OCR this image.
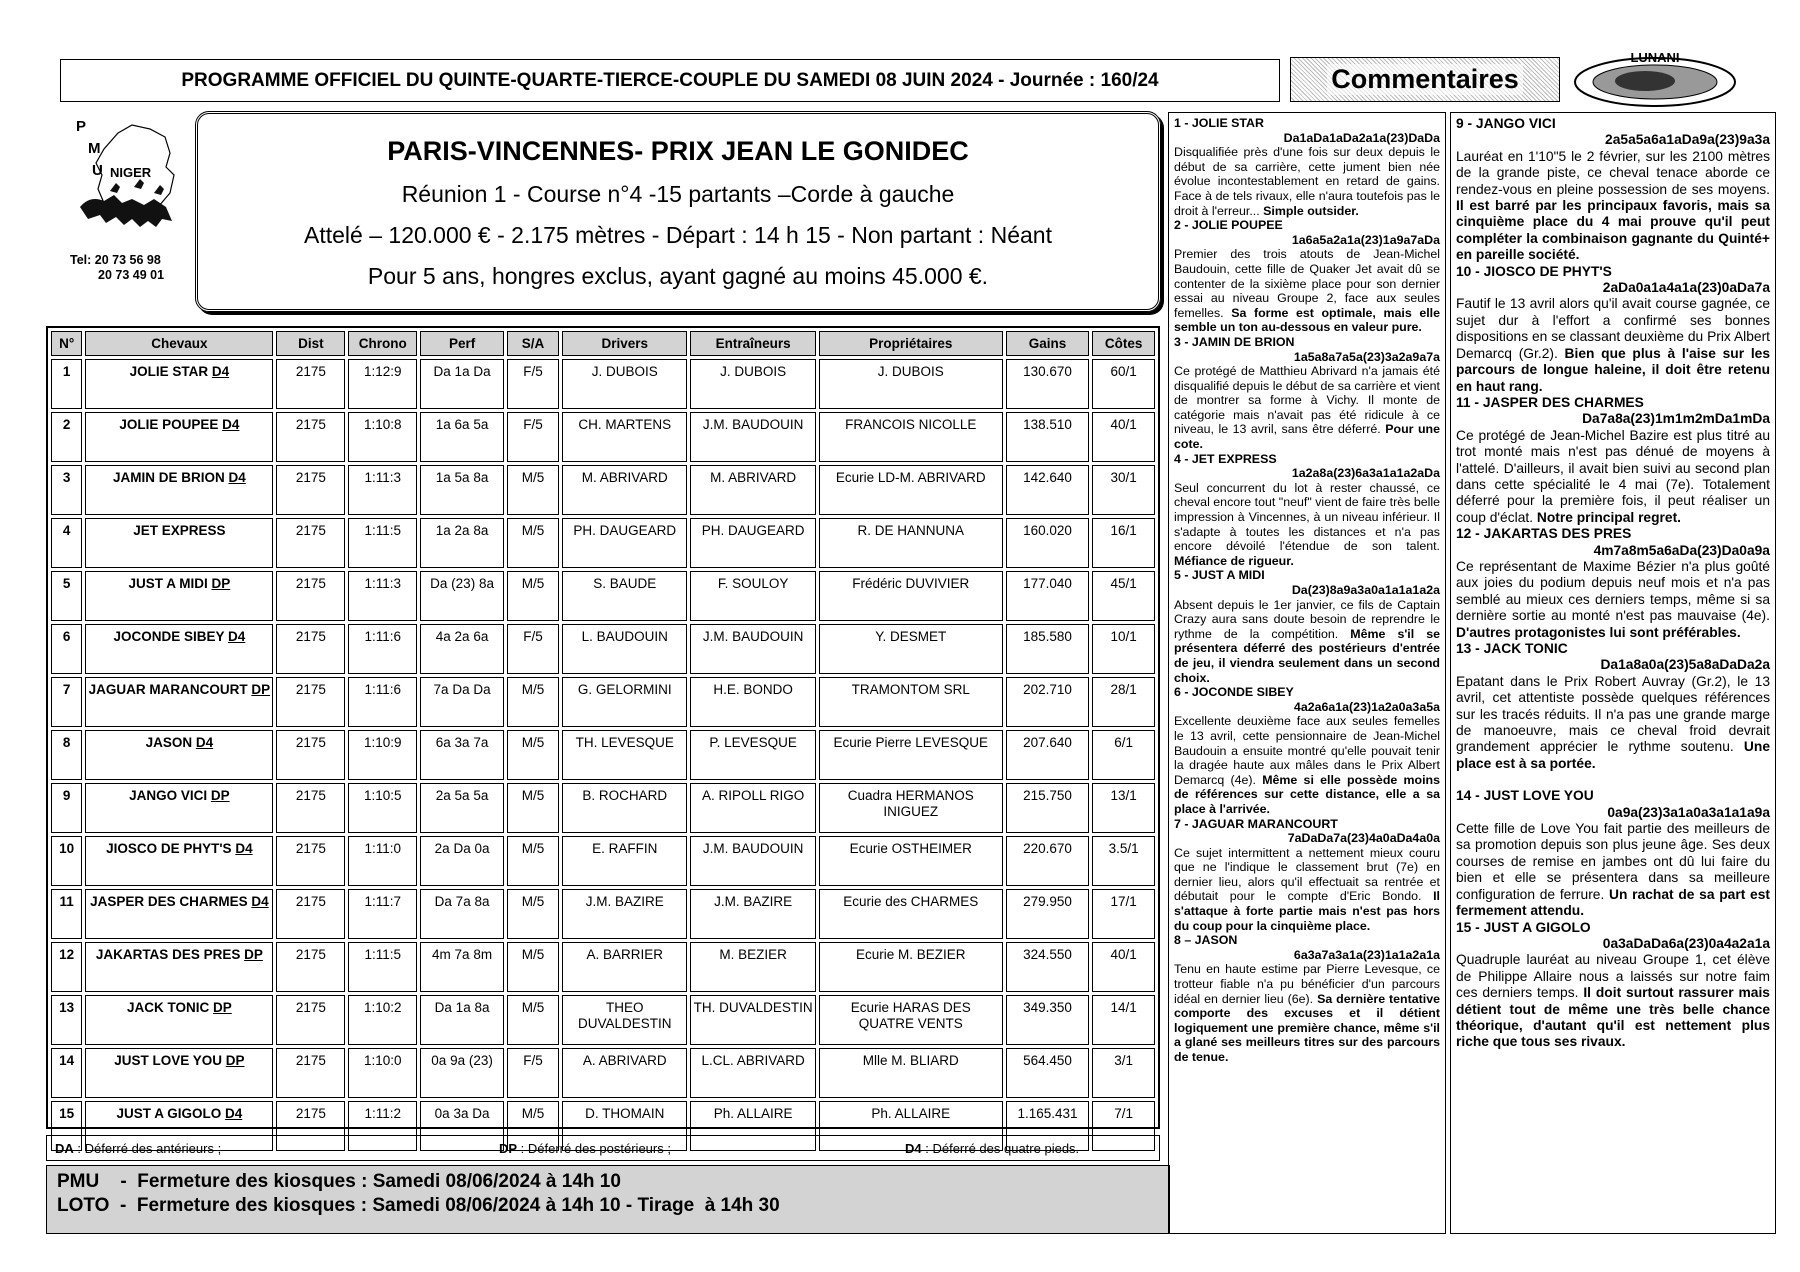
PROGRAMME OFFICIEL DU QUINTE-QUARTE-TIERCE-COUPLE DU SAMEDI 08 JUIN 2024 - Journée : 160/24	Commentaires
LUNANI
P
M
U NIGER
Tel: 20 73 56 98
20 73 49 01
PARIS-VINCENNES- PRIX JEAN LE GONIDEC
Réunion 1 - Course n°4 -15 partants –Corde à gauche
Attelé – 120.000 € - 2.175 mètres - Départ : 14 h 15 - Non partant : Néant
Pour 5 ans, hongres exclus, ayant gagné au moins 45.000 €.
N°	Chevaux	Dist	Chrono	Perf	S/A	Drivers	Entraîneurs	Propriétaires	Gains	Côtes
1	JOLIE STAR D4	2175	1:12:9	Da 1a Da	F/5	J. DUBOIS	J. DUBOIS	J. DUBOIS	130.670	60/1
2	JOLIE POUPEE D4	2175	1:10:8	1a 6a 5a	F/5	CH. MARTENS	J.M. BAUDOUIN	FRANCOIS NICOLLE	138.510	40/1
3	JAMIN DE BRION D4	2175	1:11:3	1a 5a 8a	M/5	M. ABRIVARD	M. ABRIVARD	Ecurie LD-M. ABRIVARD	142.640	30/1
4	JET EXPRESS	2175	1:11:5	1a 2a 8a	M/5	PH. DAUGEARD	PH. DAUGEARD	R. DE HANNUNA	160.020	16/1
5	JUST A MIDI DP	2175	1:11:3	Da (23) 8a	M/5	S. BAUDE	F. SOULOY	Frédéric DUVIVIER	177.040	45/1
6	JOCONDE SIBEY D4	2175	1:11:6	4a 2a 6a	F/5	L. BAUDOUIN	J.M. BAUDOUIN	Y. DESMET	185.580	10/1
7	JAGUAR MARANCOURT DP	2175	1:11:6	7a Da Da	M/5	G. GELORMINI	H.E. BONDO	TRAMONTOM SRL	202.710	28/1
8	JASON D4	2175	1:10:9	6a 3a 7a	M/5	TH. LEVESQUE	P. LEVESQUE	Ecurie Pierre LEVESQUE	207.640	6/1
9	JANGO VICI DP	2175	1:10:5	2a 5a 5a	M/5	B. ROCHARD	A. RIPOLL RIGO	Cuadra HERMANOS INIGUEZ	215.750	13/1
10	JIOSCO DE PHYT'S D4	2175	1:11:0	2a Da 0a	M/5	E. RAFFIN	J.M. BAUDOUIN	Ecurie OSTHEIMER	220.670	3.5/1
11	JASPER DES CHARMES D4	2175	1:11:7	Da 7a 8a	M/5	J.M. BAZIRE	J.M. BAZIRE	Ecurie des CHARMES	279.950	17/1
12	JAKARTAS DES PRES DP	2175	1:11:5	4m 7a 8m	M/5	A. BARRIER	M. BEZIER	Ecurie M. BEZIER	324.550	40/1
13	JACK TONIC DP	2175	1:10:2	Da 1a 8a	M/5	THEO DUVALDESTIN	TH. DUVALDESTIN	Ecurie HARAS DES QUATRE VENTS	349.350	14/1
14	JUST LOVE YOU DP	2175	1:10:0	0a 9a (23)	F/5	A. ABRIVARD	L.CL. ABRIVARD	Mlle M. BLIARD	564.450	3/1
15	JUST A GIGOLO D4	2175	1:11:2	0a 3a Da	M/5	D. THOMAIN	Ph. ALLAIRE	Ph. ALLAIRE	1.165.431	7/1
DA : Déferré des antérieurs ;	DP : Déferré des postérieurs ;	D4 : Déferré des quatre pieds.
PMU    -  Fermeture des kiosques : Samedi 08/06/2024 à 14h 10
LOTO  -  Fermeture des kiosques : Samedi 08/06/2024 à 14h 10 - Tirage  à 14h 30
1 - JOLIE STAR
Da1aDa1aDa2a1a(23)DaDa
Disqualifiée près d'une fois sur deux depuis le début de sa carrière, cette jument bien née évolue incontestablement en retard de gains. Face à de tels rivaux, elle n'aura toutefois pas le droit à l'erreur... Simple outsider.
2 - JOLIE POUPEE
1a6a5a2a1a(23)1a9a7aDa
Premier des trois atouts de Jean-Michel Baudouin, cette fille de Quaker Jet avait dû se contenter de la sixième place pour son dernier essai au niveau Groupe 2, face aux seules femelles. Sa forme est optimale, mais elle semble un ton au-dessous en valeur pure.
3 - JAMIN DE BRION
1a5a8a7a5a(23)3a2a9a7a
Ce protégé de Matthieu Abrivard n'a jamais été disqualifié depuis le début de sa carrière et vient de montrer sa forme à Vichy. Il monte de catégorie mais n'avait pas été ridicule à ce niveau, le 13 avril, sans être déferré. Pour une cote.
4 - JET EXPRESS
1a2a8a(23)6a3a1a1a2aDa
Seul concurrent du lot à rester chaussé, ce cheval encore tout "neuf" vient de faire très belle impression à Vincennes, à un niveau inférieur. Il s'adapte à toutes les distances et n'a pas encore dévoilé l'étendue de son talent. Méfiance de rigueur.
5 - JUST A MIDI
Da(23)8a9a3a0a1a1a1a2a
Absent depuis le 1er janvier, ce fils de Captain Crazy aura sans doute besoin de reprendre le rythme de la compétition. Même s'il se présentera déferré des postérieurs d'entrée de jeu, il viendra seulement dans un second choix.
6 - JOCONDE SIBEY
4a2a6a1a(23)1a2a0a3a5a
Excellente deuxième face aux seules femelles le 13 avril, cette pensionnaire de Jean-Michel Baudouin a ensuite montré qu'elle pouvait tenir la dragée haute aux mâles dans le Prix Albert Demarcq (4e). Même si elle possède moins de références sur cette distance, elle a sa place à l'arrivée.
7 - JAGUAR MARANCOURT
7aDaDa7a(23)4a0aDa4a0a
Ce sujet intermittent a nettement mieux couru que ne l'indique le classement brut (7e) en dernier lieu, alors qu'il effectuait sa rentrée et débutait pour le compte d'Eric Bondo. Il s'attaque à forte partie mais n'est pas hors du coup pour la cinquième place.
8 – JASON
6a3a7a3a1a(23)1a1a2a1a
Tenu en haute estime par Pierre Levesque, ce trotteur fiable n'a pu bénéficier d'un parcours idéal en dernier lieu (6e). Sa dernière tentative comporte des excuses et il détient logiquement une première chance, même s'il a glané ses meilleurs titres sur des parcours de tenue.
9 - JANGO VICI
2a5a5a6a1aDa9a(23)9a3a
Lauréat en 1'10"5 le 2 février, sur les 2100 mètres de la grande piste, ce cheval tenace aborde ce rendez-vous en pleine possession de ses moyens. Il est barré par les principaux favoris, mais sa cinquième place du 4 mai prouve qu'il peut compléter la combinaison gagnante du Quinté+ en pareille société.
10 - JIOSCO DE PHYT'S
2aDa0a1a4a1a(23)0aDa7a
Fautif le 13 avril alors qu'il avait course gagnée, ce sujet dur à l'effort a confirmé ses bonnes dispositions en se classant deuxième du Prix Albert Demarcq (Gr.2). Bien que plus à l'aise sur les parcours de longue haleine, il doit être retenu en haut rang.
11 - JASPER DES CHARMES
Da7a8a(23)1m1m2mDa1mDa
Ce protégé de Jean-Michel Bazire est plus titré au trot monté mais n'est pas dénué de moyens à l'attelé. D'ailleurs, il avait bien suivi au second plan dans cette spécialité le 4 mai (7e). Totalement déferré pour la première fois, il peut réaliser un coup d'éclat. Notre principal regret.
12 - JAKARTAS DES PRES
4m7a8m5a6aDa(23)Da0a9a
Ce représentant de Maxime Bézier n'a plus goûté aux joies du podium depuis neuf mois et n'a pas semblé au mieux ces derniers temps, même si sa dernière sortie au monté n'est pas mauvaise (4e). D'autres protagonistes lui sont préférables.
13 - JACK TONIC
Da1a8a0a(23)5a8aDaDa2a
Epatant dans le Prix Robert Auvray (Gr.2), le 13 avril, cet attentiste possède quelques références sur les tracés réduits. Il n'a pas une grande marge de manoeuvre, mais ce cheval froid devrait grandement apprécier le rythme soutenu. Une place est à sa portée.
14 - JUST LOVE YOU
0a9a(23)3a1a0a3a1a1a9a
Cette fille de Love You fait partie des meilleurs de sa promotion depuis son plus jeune âge. Ses deux courses de remise en jambes ont dû lui faire du bien et elle se présentera dans sa meilleure configuration de ferrure. Un rachat de sa part est fermement attendu.
15 - JUST A GIGOLO
0a3aDaDa6a(23)0a4a2a1a
Quadruple lauréat au niveau Groupe 1, cet élève de Philippe Allaire nous a laissés sur notre faim ces derniers temps. Il doit surtout rassurer mais détient tout de même une très belle chance théorique, d'autant qu'il est nettement plus riche que tous ses rivaux.
